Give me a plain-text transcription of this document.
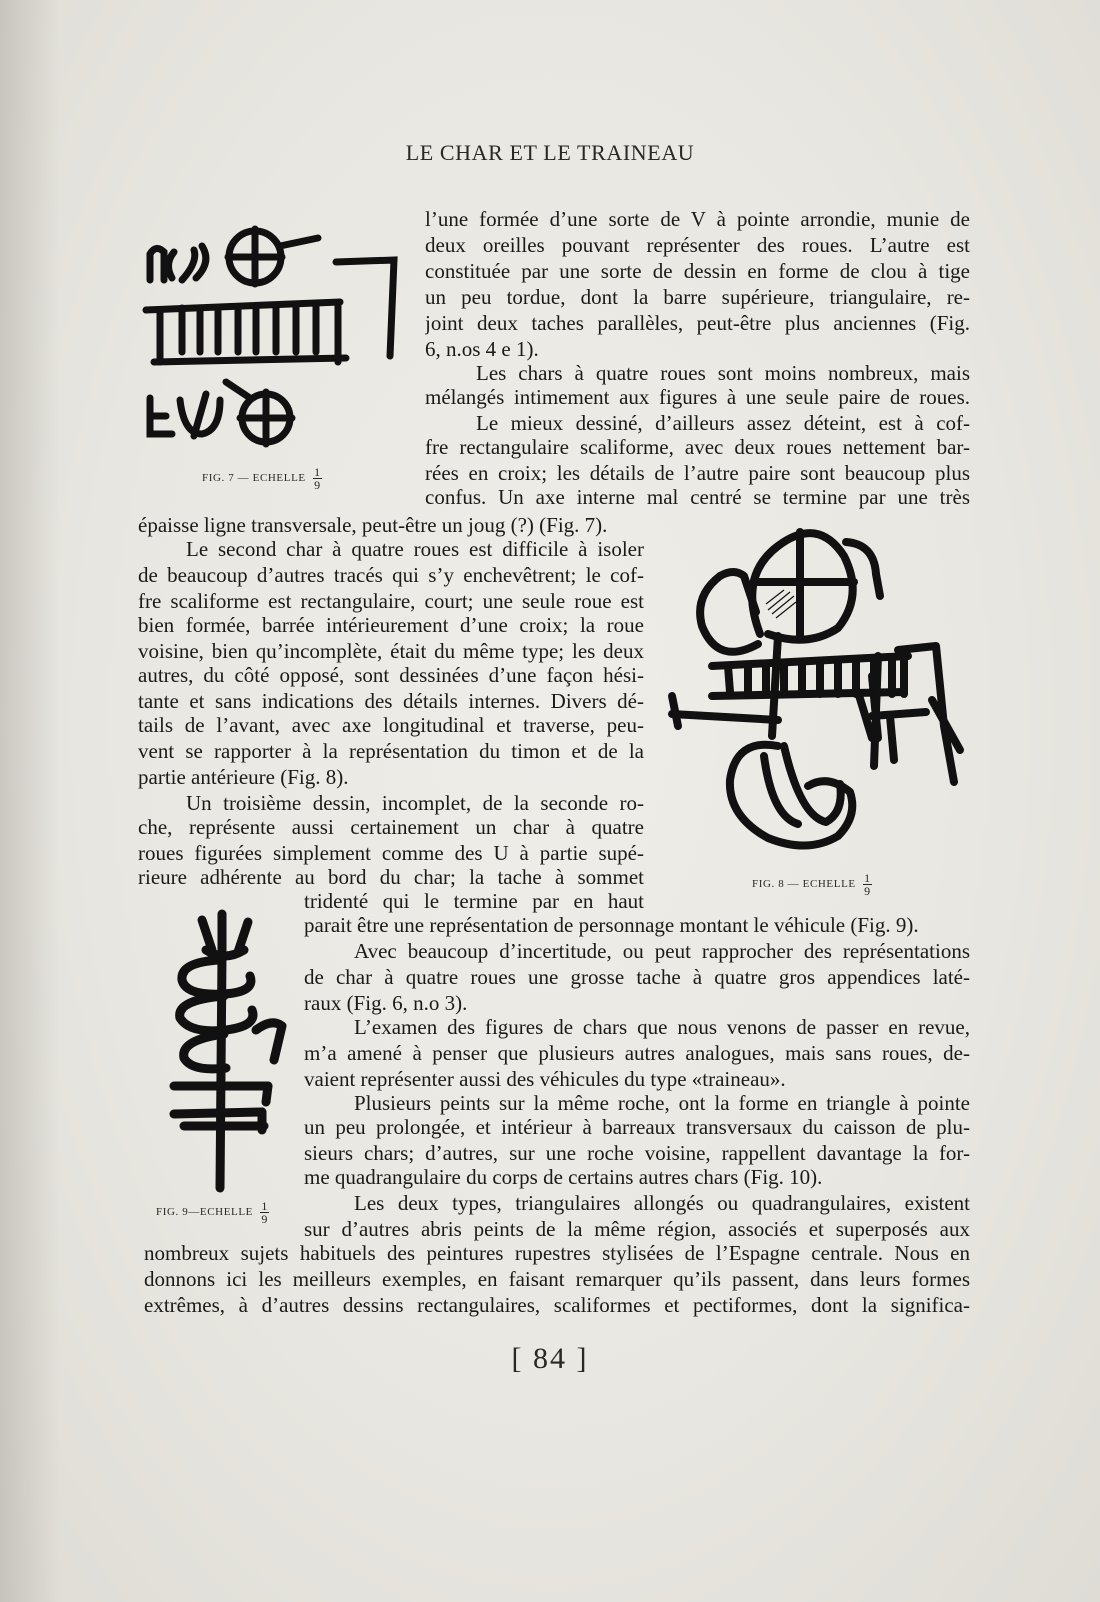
LE CHAR ET LE TRAINEAU
FIG. 7 — ECHELLE $\frac{1}{9}$
FIG. 8 — ECHELLE $\frac{1}{9}$
FIG. 9—ECHELLE $\frac{1}{9}$
l’une formée d’une sorte de V à pointe arrondie, munie de
deux oreilles pouvant représenter des roues. L’autre est
constituée par une sorte de dessin en forme de clou à tige
un peu tordue, dont la barre supérieure, triangulaire, re-
joint deux taches parallèles, peut-être plus anciennes (Fig.
6, n.os 4 e 1).
Les chars à quatre roues sont moins nombreux, mais
mélangés intimement aux figures à une seule paire de roues.
Le mieux dessiné, d’ailleurs assez déteint, est à cof-
fre rectangulaire scaliforme, avec deux roues nettement bar-
rées en croix; les détails de l’autre paire sont beaucoup plus
confus. Un axe interne mal centré se termine par une très
épaisse ligne transversale, peut-être un joug (?) (Fig. 7).
Le second char à quatre roues est difficile à isoler
de beaucoup d’autres tracés qui s’y enchevêtrent; le cof-
fre scaliforme est rectangulaire, court; une seule roue est
bien formée, barrée intérieurement d’une croix; la roue
voisine, bien qu’incomplète, était du même type; les deux
autres, du côté opposé, sont dessinées d’une façon hési-
tante et sans indications des détails internes. Divers dé-
tails de l’avant, avec axe longitudinal et traverse, peu-
vent se rapporter à la représentation du timon et de la
partie antérieure (Fig. 8).
Un troisième dessin, incomplet, de la seconde ro-
che, représente aussi certainement un char à quatre
roues figurées simplement comme des U à partie supé-
rieure adhérente au bord du char; la tache à sommet
tridenté qui le termine par en haut
parait être une représentation de personnage montant le véhicule (Fig. 9).
Avec beaucoup d’incertitude, ou peut rapprocher des représentations
de char à quatre roues une grosse tache à quatre gros appendices laté-
raux (Fig. 6, n.o 3).
L’examen des figures de chars que nous venons de passer en revue,
m’a amené à penser que plusieurs autres analogues, mais sans roues, de-
vaient représenter aussi des véhicules du type «traineau».
Plusieurs peints sur la même roche, ont la forme en triangle à pointe
un peu prolongée, et intérieur à barreaux transversaux du caisson de plu-
sieurs chars; d’autres, sur une roche voisine, rappellent davantage la for-
me quadrangulaire du corps de certains autres chars (Fig. 10).
Les deux types, triangulaires allongés ou quadrangulaires, existent
sur d’autres abris peints de la même région, associés et superposés aux
nombreux sujets habituels des peintures rupestres stylisées de l’Espagne centrale. Nous en
donnons ici les meilleurs exemples, en faisant remarquer qu’ils passent, dans leurs formes
extrêmes, à d’autres dessins rectangulaires, scaliformes et pectiformes, dont la significa-
[ 84 ]
